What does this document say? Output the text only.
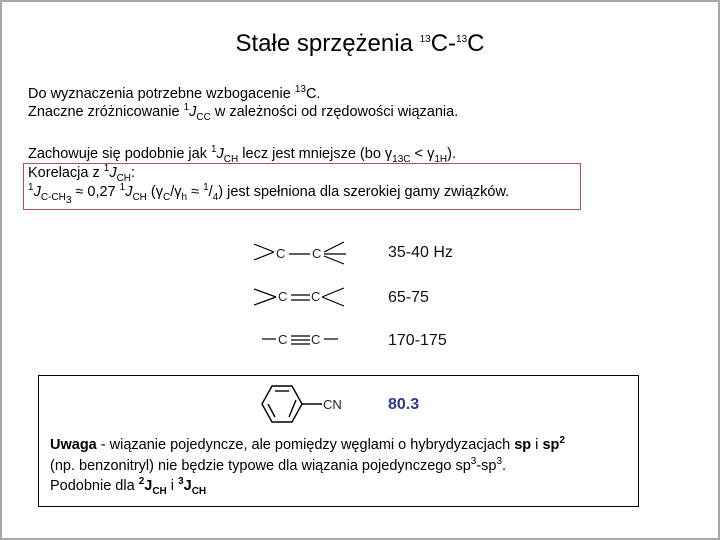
Stałe sprzężenia $^{13}$C-$^{13}$C
Do wyznaczenia potrzebne wzbogacenie $^{13}$C.
Znaczne zróżnicowanie $^1J_{CC}$ w zależności od rzędowości wiązania.
Zachowuje się podobnie jak $^1J_{CH}$ lecz jest mniejsze (bo $\gamma_{13C} < \gamma_{1H}$).
Korelacja z $^1J_{CH}$:
$^1J_{C-CH_3} \approx 0,27$ $^1J_{CH}$ $(\gamma_C/\gamma_h \approx ^1/_4)$ jest spełniona dla szerokiej gamy związków.
C C	35-40 Hz
C C	65-75
C C	170-175
CN	80.3
Uwaga - wiązanie pojedyncze, ale pomiędzy węglami o hybrydyzacjach sp i $sp^2$
(np. benzonitryl) nie będzie typowe dla wiązania pojedynczego $sp^3-sp^3$.
Podobnie dla $^2J_{CH}$ i $^3J_{CH}$
